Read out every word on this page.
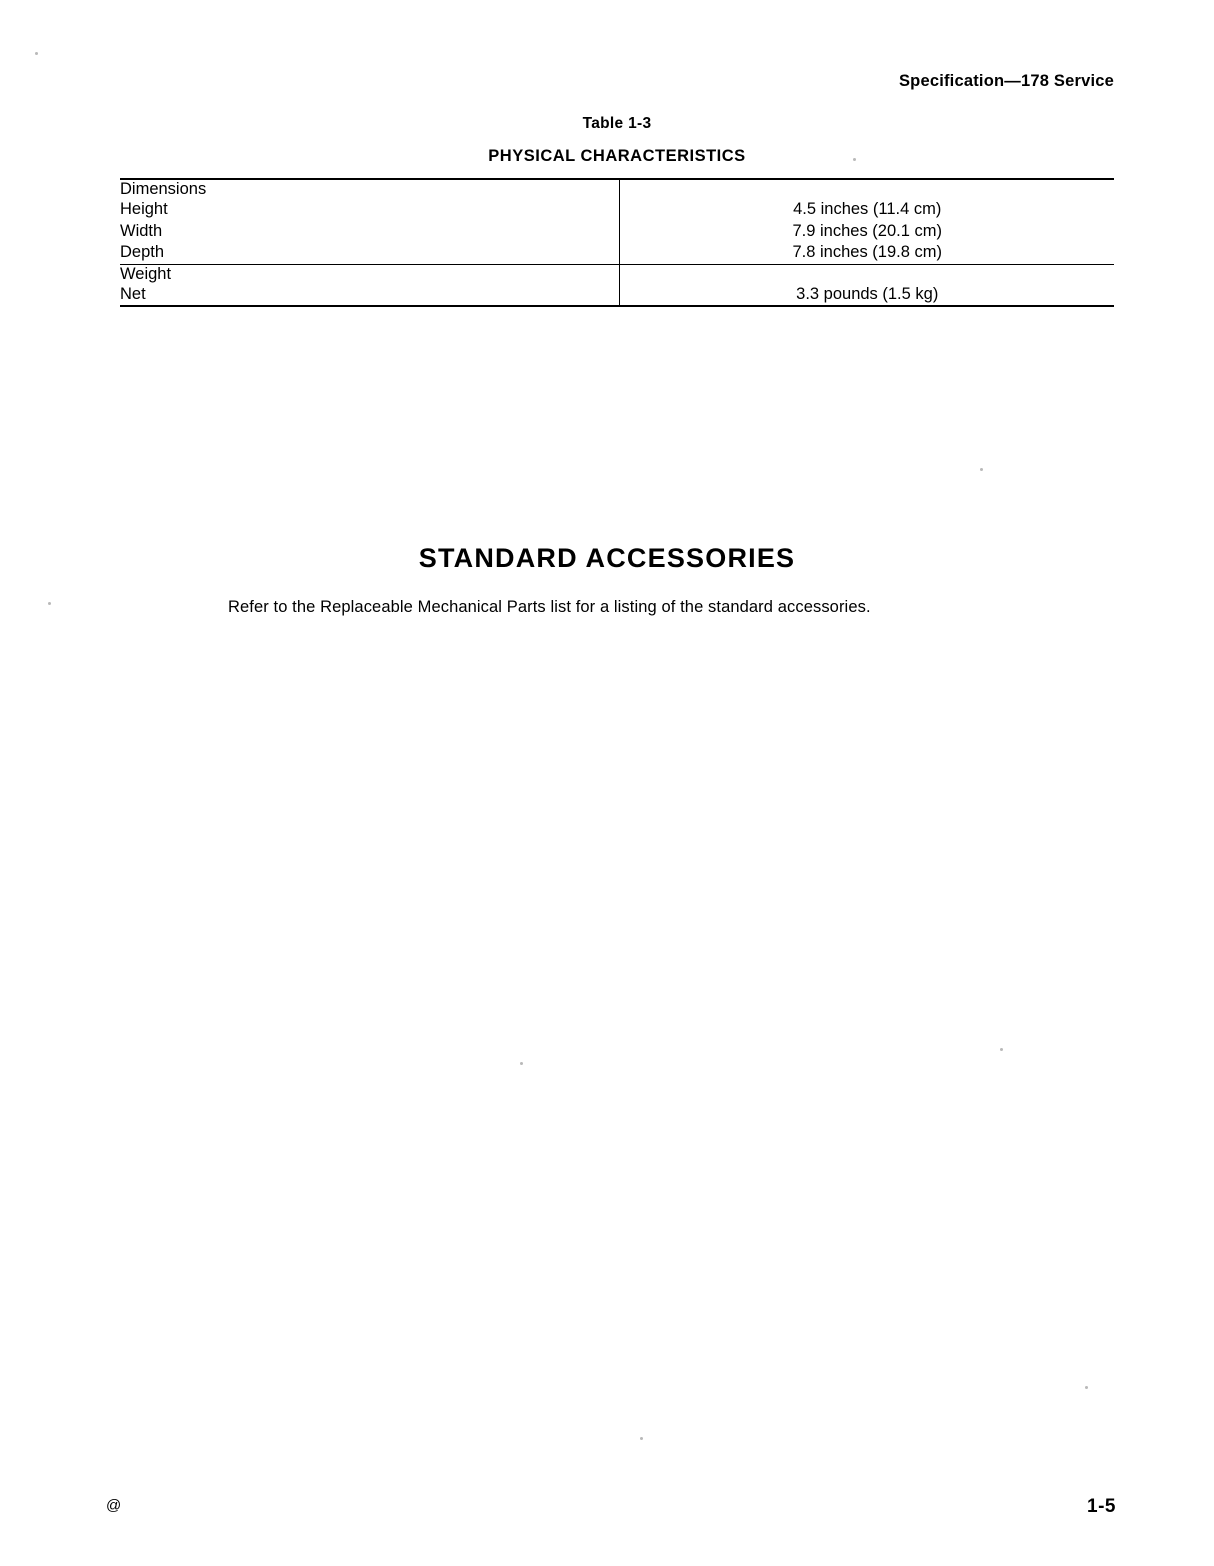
Specification—178 Service
Table 1-3
PHYSICAL CHARACTERISTICS
Dimensions	
Height	4.5 inches (11.4 cm)
Width	7.9 inches (20.1 cm)
Depth	7.8 inches (19.8 cm)
Weight	
Net	3.3 pounds (1.5 kg)

STANDARD ACCESSORIES
Refer to the Replaceable Mechanical Parts list for a listing of the standard accessories.
@	1-5
